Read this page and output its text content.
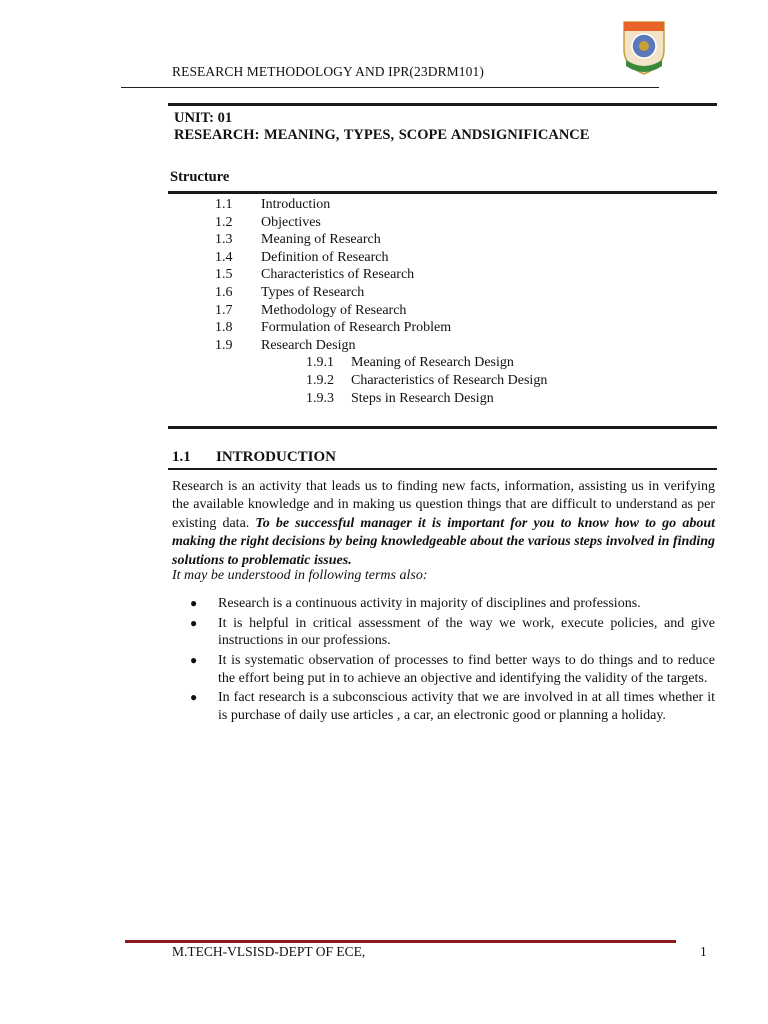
RESEARCH METHODOLOGY AND IPR(23DRM101)
UNIT: 01
RESEARCH: MEANING, TYPES, SCOPE ANDSIGNIFICANCE
Structure
1.1	Introduction
1.2	Objectives
1.3	Meaning of Research
1.4	Definition of Research
1.5	Characteristics of Research
1.6	Types of Research
1.7	Methodology of Research
1.8	Formulation of Research Problem
1.9	Research Design
1.9.1	Meaning of Research Design
1.9.2	Characteristics of Research Design
1.9.3	Steps in Research Design
1.1 INTRODUCTION
Research is an activity that leads us to finding new facts, information, assisting us in verifying the available knowledge and in making us question things that are difficult to understand as per existing data. To be successful manager it is important for you to know how to go about making the right decisions by being knowledgeable about the various steps involved in finding solutions to problematic issues.
It may be understood in following terms also:
●	Research is a continuous activity in majority of disciplines and professions.
●	It is helpful in critical assessment of the way we work, execute policies, and give instructions in our professions.
●	It is systematic observation of processes to find better ways to do things and to reduce the effort being put in to achieve an objective and identifying the validity of the targets.
●	In fact research is a subconscious activity that we are involved in at all times whether it is purchase of daily use articles , a car, an electronic good or planning a holiday.
M.TECH-VLSISD-DEPT OF ECE,	1
